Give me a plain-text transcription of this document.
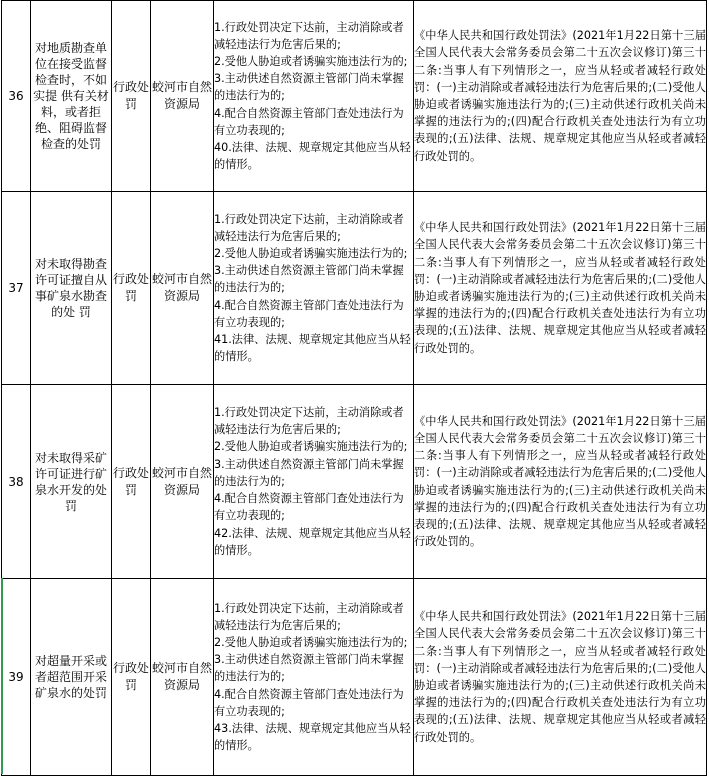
36	对地质勘查单位在接受监督检查时，不如实提 供有关材料，或者拒绝、阻碍监督检查的处罚	行政处罚	蛟河市自然资源局	1.行政处罚决定下达前，主动消除或者减轻违法行为危害后果的;
2.受他人胁迫或者诱骗实施违法行为的;
3.主动供述自然资源主管部门尚未掌握的违法行为的;
4.配合自然资源主管部门查处违法行为有立功表现的;
40.法律、法规、规章规定其他应当从轻的情形。	《中华人民共和国行政处罚法》(2021年1月22日第十三届全国人民代表大会常务委员会第二十五次会议修订)第三十二条:当事人有下列情形之一，应当从轻或者减轻行政处罚：(一)主动消除或者减轻违法行为危害后果的;(二)受他人胁迫或者诱骗实施违法行为的;(三)主动供述行政机关尚未掌握的违法行为的;(四)配合行政机关查处违法行为有立功表现的;(五)法律、法规、规章规定其他应当从轻或者减轻行政处罚的。
37	对未取得勘查许可证擅自从事矿泉水勘查的处 罚	行政处罚	蛟河市自然资源局	1.行政处罚决定下达前，主动消除或者减轻违法行为危害后果的;
2.受他人胁迫或者诱骗实施违法行为的;
3.主动供述自然资源主管部门尚未掌握的违法行为的;
4.配合自然资源主管部门查处违法行为有立功表现的;
41.法律、法规、规章规定其他应当从轻的情形。	《中华人民共和国行政处罚法》(2021年1月22日第十三届全国人民代表大会常务委员会第二十五次会议修订)第三十二条:当事人有下列情形之一，应当从轻或者减轻行政处罚：(一)主动消除或者减轻违法行为危害后果的;(二)受他人胁迫或者诱骗实施违法行为的;(三)主动供述行政机关尚未掌握的违法行为的;(四)配合行政机关查处违法行为有立功表现的;(五)法律、法规、规章规定其他应当从轻或者减轻行政处罚的。
38	对未取得采矿许可证进行矿泉水开发的处罚	行政处罚	蛟河市自然资源局	1.行政处罚决定下达前，主动消除或者减轻违法行为危害后果的;
2.受他人胁迫或者诱骗实施违法行为的;
3.主动供述自然资源主管部门尚未掌握的违法行为的;
4.配合自然资源主管部门查处违法行为有立功表现的;
42.法律、法规、规章规定其他应当从轻的情形。	《中华人民共和国行政处罚法》(2021年1月22日第十三届全国人民代表大会常务委员会第二十五次会议修订)第三十二条:当事人有下列情形之一，应当从轻或者减轻行政处罚：(一)主动消除或者减轻违法行为危害后果的;(二)受他人胁迫或者诱骗实施违法行为的;(三)主动供述行政机关尚未掌握的违法行为的;(四)配合行政机关查处违法行为有立功表现的;(五)法律、法规、规章规定其他应当从轻或者减轻行政处罚的。
39	对超量开采或者超范围开采矿泉水的处罚	行政处罚	蛟河市自然资源局	1.行政处罚决定下达前，主动消除或者减轻违法行为危害后果的;
2.受他人胁迫或者诱骗实施违法行为的;
3.主动供述自然资源主管部门尚未掌握的违法行为的;
4.配合自然资源主管部门查处违法行为有立功表现的;
43.法律、法规、规章规定其他应当从轻的情形。	《中华人民共和国行政处罚法》(2021年1月22日第十三届全国人民代表大会常务委员会第二十五次会议修订)第三十二条:当事人有下列情形之一，应当从轻或者减轻行政处罚：(一)主动消除或者减轻违法行为危害后果的;(二)受他人胁迫或者诱骗实施违法行为的;(三)主动供述行政机关尚未掌握的违法行为的;(四)配合行政机关查处违法行为有立功表现的;(五)法律、法规、规章规定其他应当从轻或者减轻行政处罚的。
